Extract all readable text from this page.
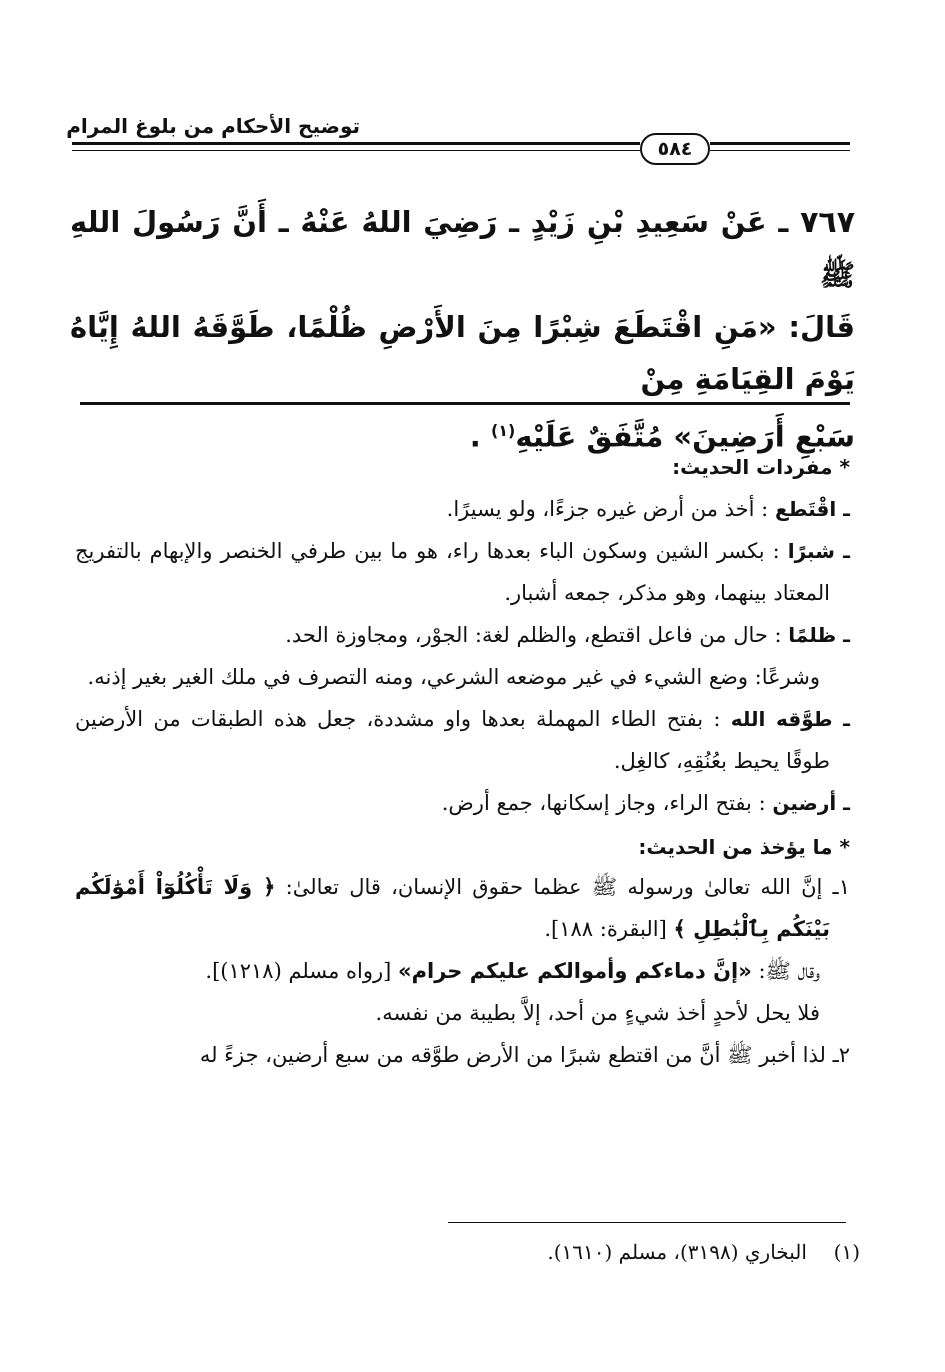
توضيح الأحكام من بلوغ المرام
٥٨٤

٧٦٧ ـ عَنْ سَعِيدِ بْنِ زَيْدٍ ـ رَضِيَ اللهُ عَنْهُ ـ أَنَّ رَسُولَ اللهِ ﷺ

قَالَ: «مَنِ اقْتَطَعَ شِبْرًا مِنَ الأَرْضِ ظُلْمًا، طَوَّقَهُ اللهُ إِيَّاهُ يَوْمَ القِيَامَةِ مِنْ

سَبْعِ أَرَضِينَ» مُتَّفَقٌ عَلَيْهِ$^{(١)}$ .

* مفردات الحديث:

ـ اقْتَطع : أخذ من أرض غيره جزءًا، ولو يسيرًا.

ـ شبرًا : بكسر الشين وسكون الباء بعدها راء، هو ما بين طرفي الخنصر والإبهام بالتفريج المعتاد بينهما، وهو مذكر، جمعه أشبار.

ـ ظلمًا : حال من فاعل اقتطع، والظلم لغة: الجوْر، ومجاوزة الحد.

وشرعًا: وضع الشيء في غير موضعه الشرعي، ومنه التصرف في ملك الغير بغير إذنه.

ـ طوَّقه الله : بفتح الطاء المهملة بعدها واو مشددة، جعل هذه الطبقات من الأرضين طوقًا يحيط بعُنُقِهِ، كالغِل.

ـ أرضين : بفتح الراء، وجاز إسكانها، جمع أرض.

* ما يؤخذ من الحديث:

١ـ إنَّ الله تعالىٰ ورسوله ﷺ عظما حقوق الإنسان، قال تعالىٰ: ﴿ وَلَا تَأْكُلُوٓاْ أَمْوَٰلَكُم بَيْنَكُم بِٱلْبَٰطِلِ ﴾ [البقرة: ١٨٨].

وقال ﷺ: «إنَّ دماءكم وأموالكم عليكم حرام» [رواه مسلم (١٢١٨)].

فلا يحل لأحدٍ أخذ شيءٍ من أحد، إلاَّ بطيبة من نفسه.

٢ـ لذا أخبر ﷺ أنَّ من اقتطع شبرًا من الأرض طوَّقه من سبع أرضين، جزءً له

(١)  البخاري (٣١٩٨)، مسلم (١٦١٠).
